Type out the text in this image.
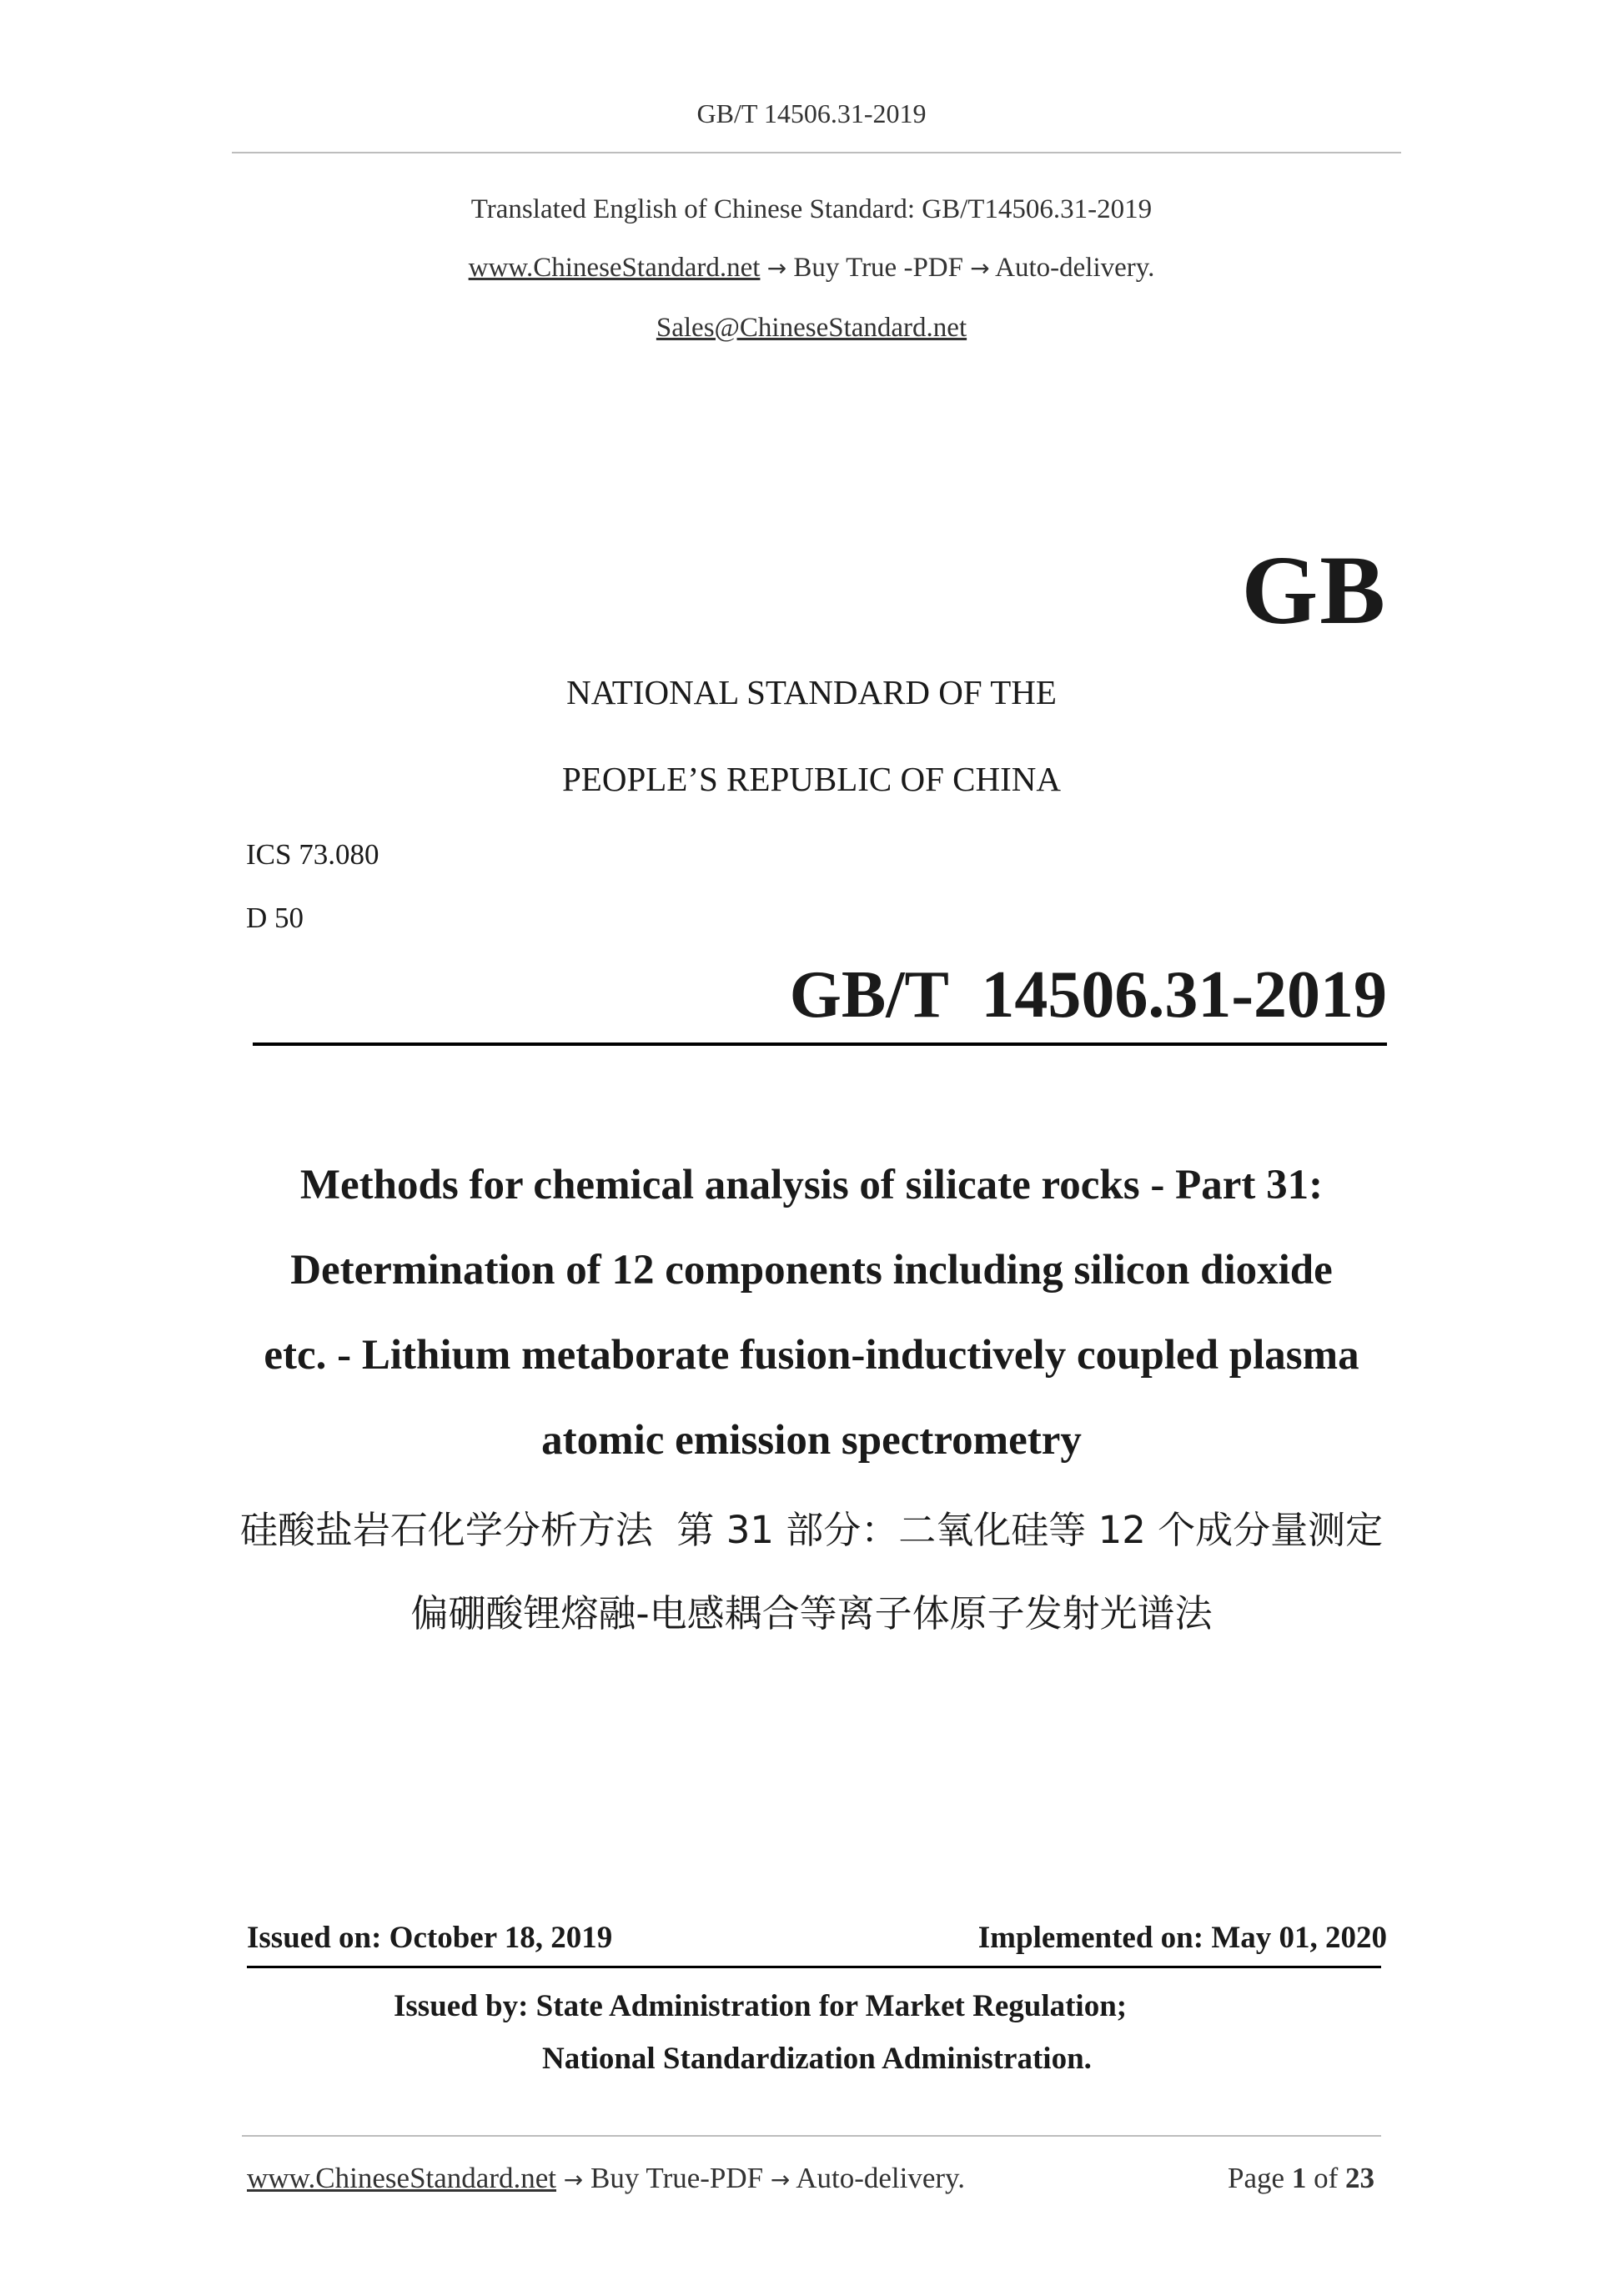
GB/T 14506.31-2019
Translated English of Chinese Standard: GB/T14506.31-2019
www.ChineseStandard.net → Buy True -PDF → Auto-delivery.
Sales@ChineseStandard.net
GB
NATIONAL STANDARD OF THE
PEOPLE’S REPUBLIC OF CHINA
ICS 73.080
D 50
GB/T  14506.31-2019
Methods for chemical analysis of silicate rocks - Part 31:
Determination of 12 components including silicon dioxide
etc. - Lithium metaborate fusion-inductively coupled plasma
atomic emission spectrometry
硅酸盐岩石化学分析方法  第 31 部分：二氧化硅等 12 个成分量测定
偏硼酸锂熔融-电感耦合等离子体原子发射光谱法
Issued on: October 18, 2019	Implemented on: May 01, 2020
Issued by: State Administration for Market Regulation;
National Standardization Administration.
www.ChineseStandard.net → Buy True-PDF → Auto-delivery.	Page 1 of 23
